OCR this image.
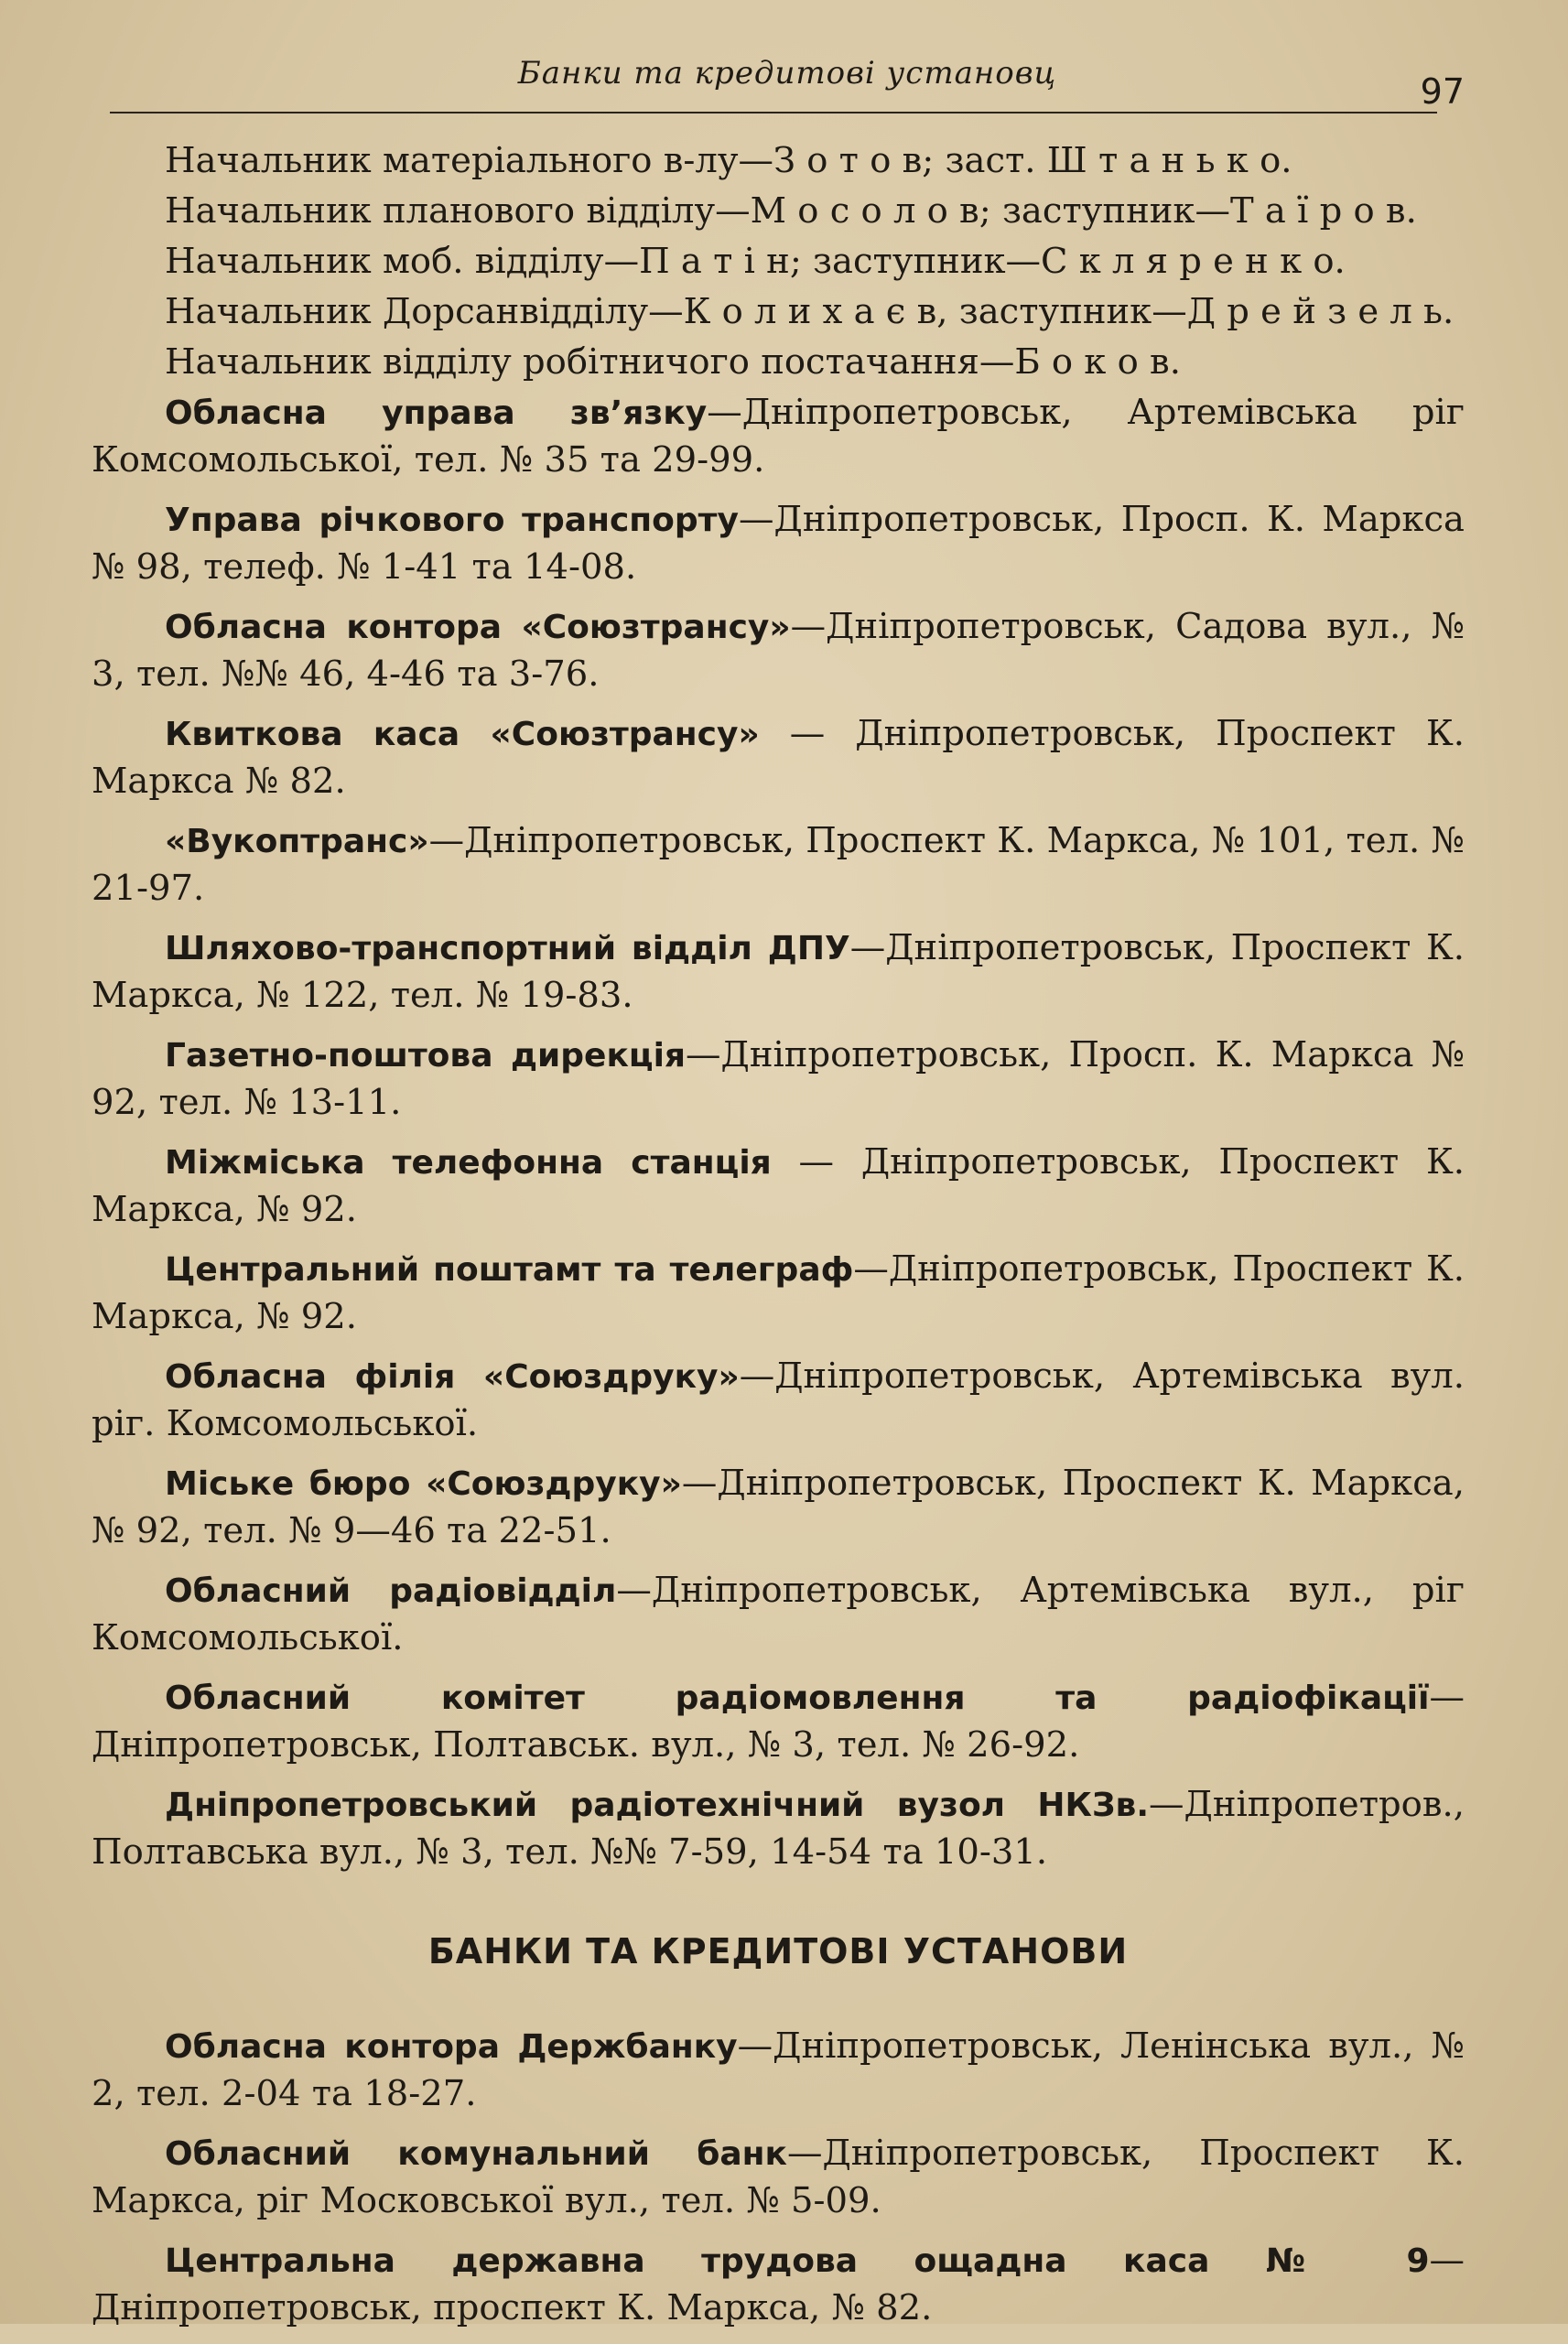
Банки та кредитові установц	97

Начальник матеріального в-лу—З о т о в; заст. Ш т а н ь к о.

Начальник планового відділу—М о с о л о в; заступник—Т а ї р о в.

Начальник моб. відділу—П а т і н; заступник—С к л я р е н к о.

Начальник Дорсанвідділу—К о л и х а є в, заступник—Д р е й з е л ь.

Начальник відділу робітничого постачання—Б о к о в.

Обласна управа зв’язку—Дніпропетровськ, Артемівська ріг Комсомольської, тел. № 35 та 29-99.

Управа річкового транспорту—Дніпропетровськ, Просп. К. Маркса № 98, телеф. № 1-41 та 14-08.

Обласна контора «Союзтрансу»—Дніпропетровськ, Садова вул., № 3, тел. №№ 46, 4-46 та 3-76.

Квиткова каса «Союзтрансу» — Дніпропетровськ, Проспект К. Маркса № 82.

«Вукоптранс»—Дніпропетровськ, Проспект К. Маркса, № 101, тел. № 21-97.

Шляхово-транспортний відділ ДПУ—Дніпропетровськ, Проспект К. Маркса, № 122, тел. № 19-83.

Газетно-поштова дирекція—Дніпропетровськ, Просп. К. Маркса № 92, тел. № 13-11.

Міжміська телефонна станція — Дніпропетровськ, Проспект К. Маркса, № 92.

Центральний поштамт та телеграф—Дніпропетровськ, Проспект К. Маркса, № 92.

Обласна філія «Союздруку»—Дніпропетровськ, Артемівська вул. ріг. Комсомольської.

Міське бюро «Союздруку»—Дніпропетровськ, Проспект К. Маркса, № 92, тел. № 9—46 та 22-51.

Обласний радіовідділ—Дніпропетровськ, Артемівська вул., ріг Комсомольської.

Обласний комітет радіомовлення та радіофікації—Дніпропетровськ, Полтавськ. вул., № 3, тел. № 26-92.

Дніпропетровський радіотехнічний вузол НКЗв.—Дніпропетров., Полтавська вул., № 3, тел. №№ 7-59, 14-54 та 10-31.

БАНКИ ТА КРЕДИТОВІ УСТАНОВИ

Обласна контора Держбанку—Дніпропетровськ, Ленінська вул., № 2, тел. 2-04 та 18-27.

Обласний комунальний банк—Дніпропетровськ, Проспект К. Маркса, ріг Московської вул., тел. № 5-09.

Центральна державна трудова ощадна каса № 9—Дніпропетровськ, проспект К. Маркса, № 82.
